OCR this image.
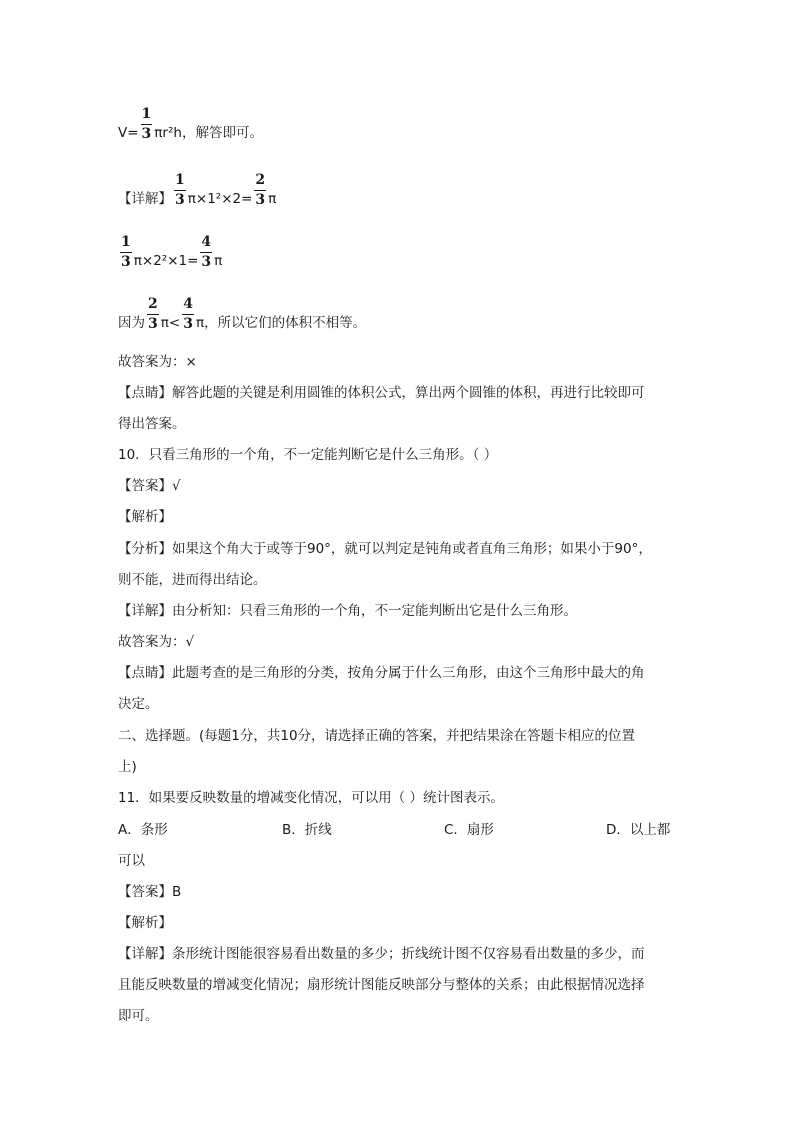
$V= \frac{1}{3} \pi r^2h$，解答即可。
【详解】 $\frac{1}{3} \pi\times 1^2\times 2= \frac{2}{3}$ π
$\frac{1}{3} \pi\times 2^2\times 1= \frac{4}{3}$ π
因为 $\frac{2}{3} \pi< \frac{4}{3}$ π，所以它们的体积不相等。
故答案为：×
【点睛】解答此题的关键是利用圆锥的体积公式，算出两个圆锥的体积，再进行比较即可
得出答案。
10．只看三角形的一个角，不一定能判断它是什么三角形。（ ）
【答案】√
【解析】
【分析】如果这个角大于或等于90°，就可以判定是钝角或者直角三角形；如果小于90°，
则不能，进而得出结论。
【详解】由分析知：只看三角形的一个角，不一定能判断出它是什么三角形。
故答案为：√
【点睛】此题考查的是三角形的分类，按角分属于什么三角形，由这个三角形中最大的角
决定。
二、选择题。(每题1分，共10分，请选择正确的答案，并把结果涂在答题卡相应的位置
上)
11．如果要反映数量的增减变化情况，可以用（ ）统计图表示。
A．条形	B．折线	C．扇形	D．以上都
可以
【答案】B
【解析】
【详解】条形统计图能很容易看出数量的多少；折线统计图不仅容易看出数量的多少，而
且能反映数量的增减变化情况；扇形统计图能反映部分与整体的关系；由此根据情况选择
即可。
